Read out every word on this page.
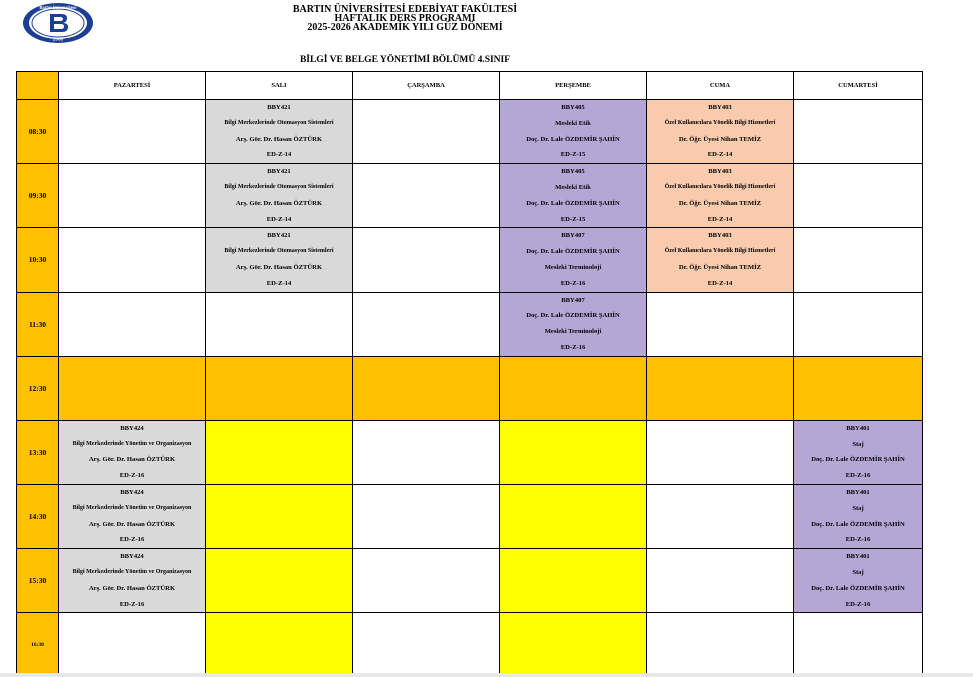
Bartın Üniversitesi
2008
BARTIN ÜNİVERSİTESİ EDEBİYAT FAKÜLTESİ
HAFTALIK DERS PROGRAMI
2025-2026 AKADEMİK YILI GÜZ DÖNEMİ
BİLGİ VE BELGE YÖNETİMİ BÖLÜMÜ 4.SINIF
	PAZARTESİ	SALI	ÇARŞAMBA	PERŞEMBE	CUMA	CUMARTESİ
08:30		BBY421
Bilgi Merkezlerinde Otomasyon Sistemleri
Arş. Gör. Dr. Hasan ÖZTÜRK
ED-Z-14		BBY405
Mesleki Etik
Doç. Dr. Lale ÖZDEMİR ŞAHİN
ED-Z-15	BBY403
Özel Kullanıcılara Yönelik Bilgi Hizmetleri
Dr. Öğr. Üyesi Nihan TEMİZ
ED-Z-14	

09:30		BBY421
Bilgi Merkezlerinde Otomasyon Sistemleri
Arş. Gör. Dr. Hasan ÖZTÜRK
ED-Z-14		BBY405
Mesleki Etik
Doç. Dr. Lale ÖZDEMİR ŞAHİN
ED-Z-15	BBY403
Özel Kullanıcılara Yönelik Bilgi Hizmetleri
Dr. Öğr. Üyesi Nihan TEMİZ
ED-Z-14	

10:30		BBY421
Bilgi Merkezlerinde Otomasyon Sistemleri
Arş. Gör. Dr. Hasan ÖZTÜRK
ED-Z-14		BBY407
Doç. Dr. Lale ÖZDEMİR ŞAHİN
Mesleki Terminoloji
ED-Z-16	BBY403
Özel Kullanıcılara Yönelik Bilgi Hizmetleri
Dr. Öğr. Üyesi Nihan TEMİZ
ED-Z-14	

11:30				BBY407
Doç. Dr. Lale ÖZDEMİR ŞAHİN
Mesleki Terminoloji
ED-Z-16		

12:30						
13:30	BBY424
Bilgi Merkezlerinde Yönetim ve Organizasyon
Arş. Gör. Dr. Hasan ÖZTÜRK
ED-Z-16					BBY401
Staj
Doç. Dr. Lale ÖZDEMİR ŞAHİN
ED-Z-16

14:30	BBY424
Bilgi Merkezlerinde Yönetim ve Organizasyon
Arş. Gör. Dr. Hasan ÖZTÜRK
ED-Z-16					BBY401
Staj
Doç. Dr. Lale ÖZDEMİR ŞAHİN
ED-Z-16

15:30	BBY424
Bilgi Merkezlerinde Yönetim ve Organizasyon
Arş. Gör. Dr. Hasan ÖZTÜRK
ED-Z-16					BBY401
Staj
Doç. Dr. Lale ÖZDEMİR ŞAHİN
ED-Z-16

16:30						
